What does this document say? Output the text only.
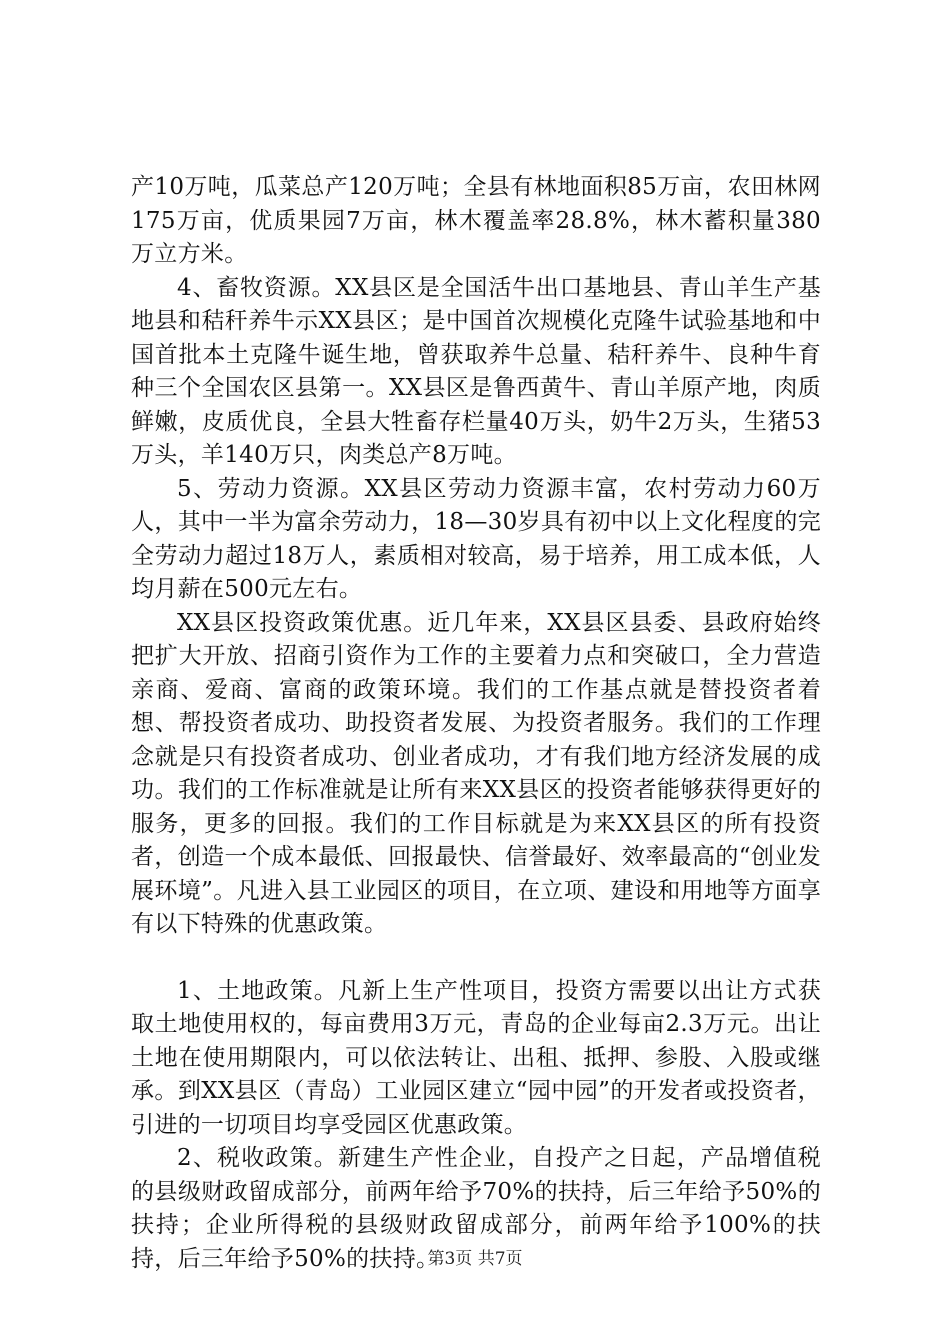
产10万吨，瓜菜总产120万吨；全县有林地面积85万亩，农田林网175万亩，优质果园7万亩，林木覆盖率28.8%，林木蓄积量380万立方米。

4、畜牧资源。XX县区是全国活牛出口基地县、青山羊生产基地县和秸秆养牛示XX县区；是中国首次规模化克隆牛试验基地和中国首批本土克隆牛诞生地，曾获取养牛总量、秸秆养牛、良种牛育种三个全国农区县第一。XX县区是鲁西黄牛、青山羊原产地，肉质鲜嫩，皮质优良，全县大牲畜存栏量40万头，奶牛2万头，生猪53万头，羊140万只，肉类总产8万吨。

5、劳动力资源。XX县区劳动力资源丰富，农村劳动力60万人，其中一半为富余劳动力，18—30岁具有初中以上文化程度的完全劳动力超过18万人，素质相对较高，易于培养，用工成本低，人均月薪在500元左右。

XX县区投资政策优惠。近几年来，XX县区县委、县政府始终把扩大开放、招商引资作为工作的主要着力点和突破口，全力营造亲商、爱商、富商的政策环境。我们的工作基点就是替投资者着想、帮投资者成功、助投资者发展、为投资者服务。我们的工作理念就是只有投资者成功、创业者成功，才有我们地方经济发展的成功。我们的工作标准就是让所有来XX县区的投资者能够获得更好的服务，更多的回报。我们的工作目标就是为来XX县区的所有投资者，创造一个成本最低、回报最快、信誉最好、效率最高的“创业发展环境”。凡进入县工业园区的项目，在立项、建设和用地等方面享有以下特殊的优惠政策。

1、土地政策。凡新上生产性项目，投资方需要以出让方式获取土地使用权的，每亩费用3万元，青岛的企业每亩2.3万元。出让土地在使用期限内，可以依法转让、出租、抵押、参股、入股或继承。到XX县区（青岛）工业园区建立“园中园”的开发者或投资者，引进的一切项目均享受园区优惠政策。

2、税收政策。新建生产性企业，自投产之日起，产品增值税的县级财政留成部分，前两年给予70%的扶持，后三年给予50%的扶持；企业所得税的县级财政留成部分，前两年给予100%的扶持，后三年给予50%的扶持。

第3页 共7页
